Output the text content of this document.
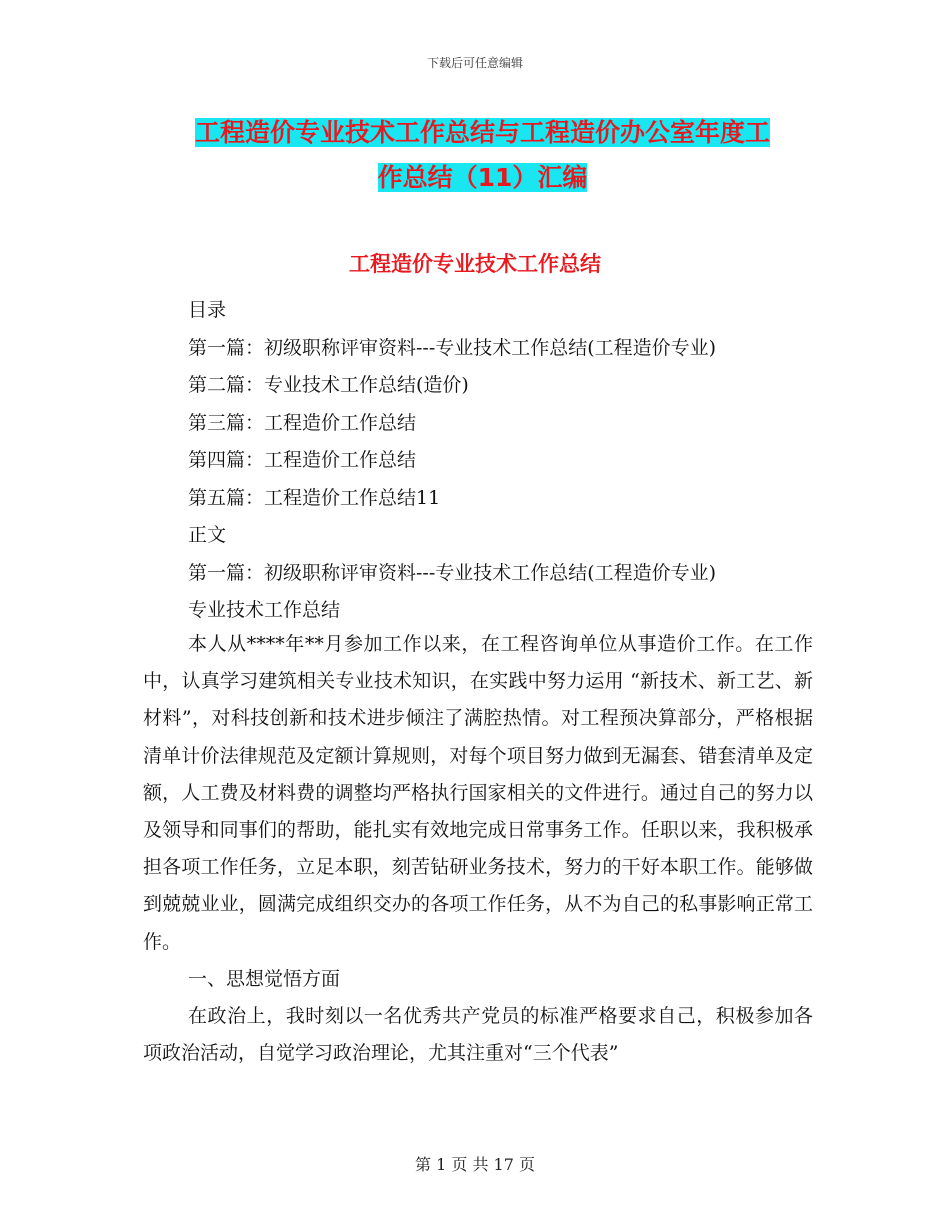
下载后可任意编辑
工程造价专业技术工作总结与工程造价办公室年度工
作总结（11）汇编
工程造价专业技术工作总结
目录
第一篇：初级职称评审资料---专业技术工作总结(工程造价专业)
第二篇：专业技术工作总结(造价)
第三篇：工程造价工作总结
第四篇：工程造价工作总结
第五篇：工程造价工作总结11
正文
第一篇：初级职称评审资料---专业技术工作总结(工程造价专业)
专业技术工作总结

本人从****年**月参加工作以来，在工程咨询单位从事造价工作。在工作中，认真学习建筑相关专业技术知识，在实践中努力运用 “新技术、新工艺、新材料”，对科技创新和技术进步倾注了满腔热情。对工程预决算部分，严格根据清单计价法律规范及定额计算规则，对每个项目努力做到无漏套、错套清单及定额，人工费及材料费的调整均严格执行国家相关的文件进行。通过自己的努力以及领导和同事们的帮助，能扎实有效地完成日常事务工作。任职以来，我积极承担各项工作任务，立足本职，刻苦钻研业务技术，努力的干好本职工作。能够做到兢兢业业，圆满完成组织交办的各项工作任务，从不为自己的私事影响正常工作。

一、思想觉悟方面

在政治上，我时刻以一名优秀共产党员的标准严格要求自己，积极参加各项政治活动，自觉学习政治理论，尤其注重对“三个代表”

第 1 页 共 17 页
